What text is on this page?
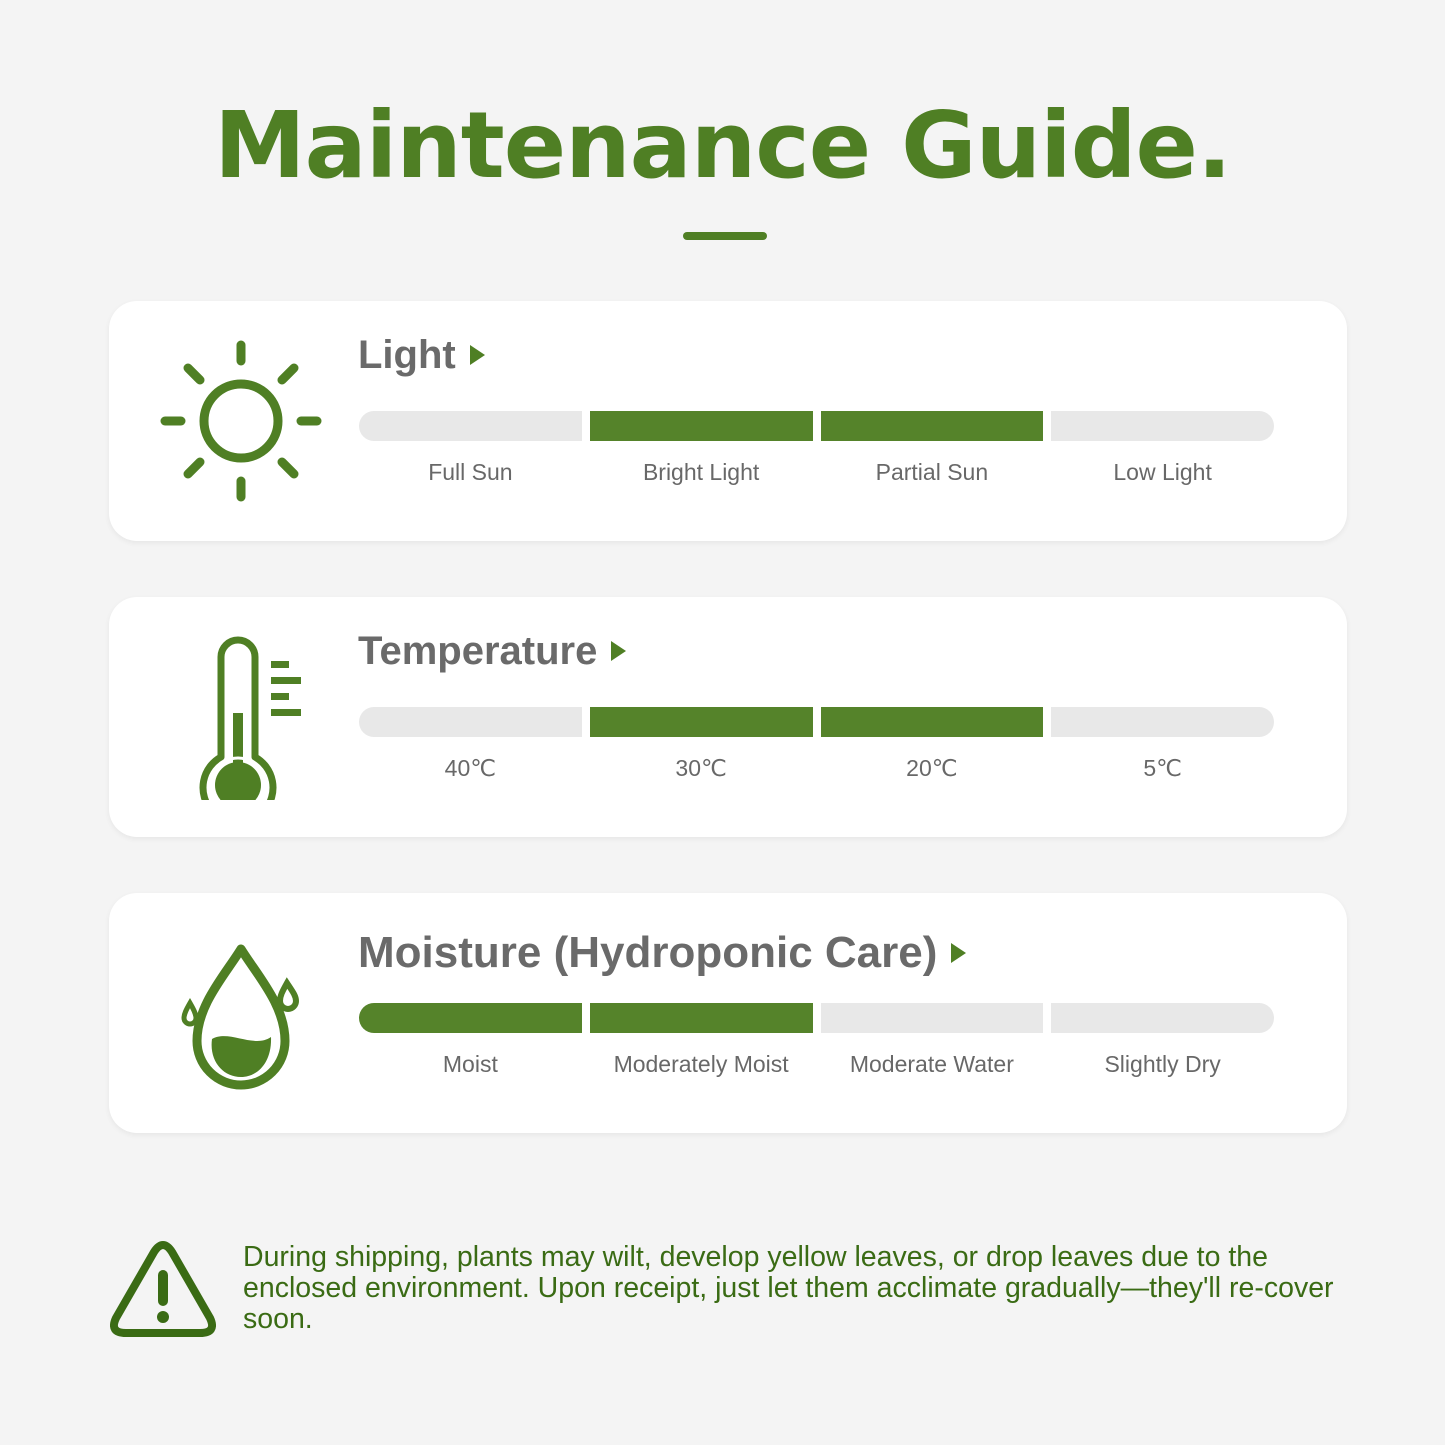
Maintenance Guide.
Light
Full Sun	Bright Light	Partial Sun	Low Light
Temperature
40℃	30℃	20℃	5℃
Moisture (Hydroponic Care)
Moist	Moderately Moist	Moderate Water	Slightly Dry
During shipping, plants may wilt, develop yellow leaves, or drop leaves due to the enclosed environment. Upon receipt, just let them acclimate gradually—they'll re-cover soon.
